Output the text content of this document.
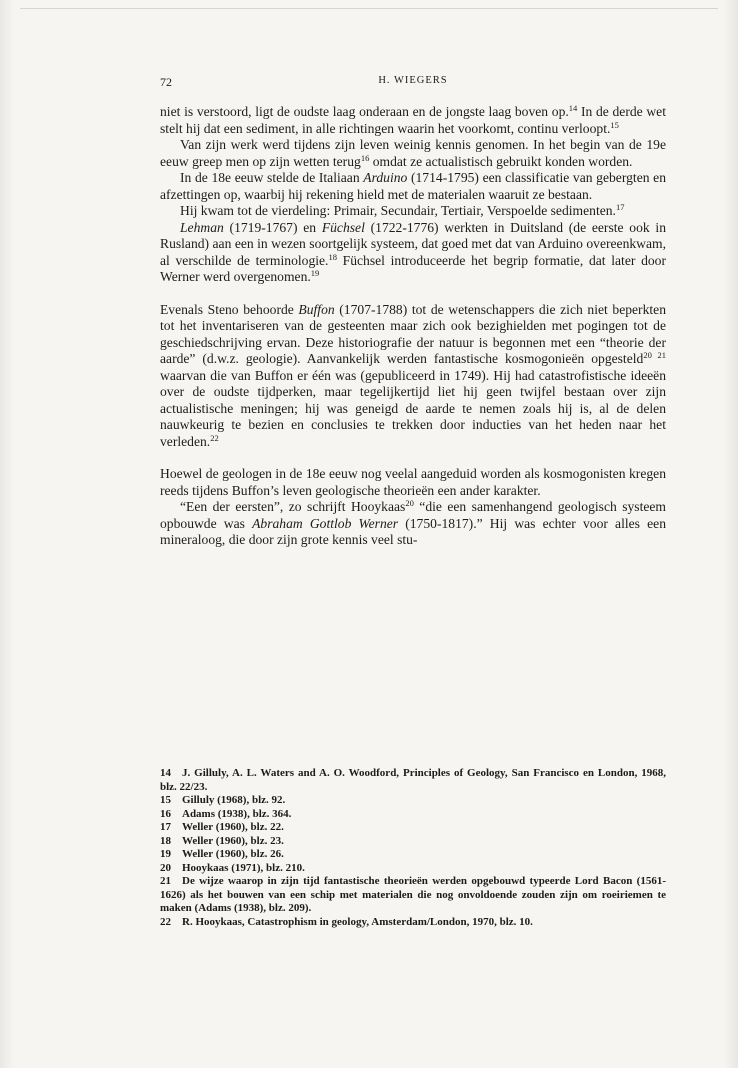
72	H. WIEGERS

niet is verstoord, ligt de oudste laag onderaan en de jongste laag boven op.$^{14}$ In de derde wet stelt hij dat een sediment, in alle richtingen waarin het voorkomt, continu verloopt.$^{15}$

Van zijn werk werd tijdens zijn leven weinig kennis genomen. In het begin van de 19e eeuw greep men op zijn wetten terug$^{16}$ omdat ze actualistisch gebruikt konden worden.

In de 18e eeuw stelde de Italiaan Arduino (1714-1795) een classificatie van gebergten en afzettingen op, waarbij hij rekening hield met de materialen waaruit ze bestaan.

Hij kwam tot de vierdeling: Primair, Secundair, Tertiair, Verspoelde sedimenten.$^{17}$

Lehman (1719-1767) en Füchsel (1722-1776) werkten in Duitsland (de eerste ook in Rusland) aan een in wezen soortgelijk systeem, dat goed met dat van Arduino overeenkwam, al verschilde de terminologie.$^{18}$ Füchsel introduceerde het begrip formatie, dat later door Werner werd overgenomen.$^{19}$

Evenals Steno behoorde Buffon (1707-1788) tot de wetenschappers die zich niet beperkten tot het inventariseren van de gesteenten maar zich ook bezighielden met pogingen tot de geschiedschrijving ervan. Deze historiografie der natuur is begonnen met een “theorie der aarde” (d.w.z. geologie). Aanvankelijk werden fantastische kosmogonieën opgesteld$^{20 21}$ waarvan die van Buffon er één was (gepubliceerd in 1749). Hij had catastrofistische ideeën over de oudste tijdperken, maar tegelijkertijd liet hij geen twijfel bestaan over zijn actualistische meningen; hij was geneigd de aarde te nemen zoals hij is, al de delen nauwkeurig te bezien en conclusies te trekken door inducties van het heden naar het verleden.$^{22}$

Hoewel de geologen in de 18e eeuw nog veelal aangeduid worden als kosmogonisten kregen reeds tijdens Buffon’s leven geologische theorieën een ander karakter.

“Een der eersten”, zo schrijft Hooykaas$^{20}$ “die een samenhangend geologisch systeem opbouwde was Abraham Gottlob Werner (1750-1817).” Hij was echter voor alles een mineraloog, die door zijn grote kennis veel stu-

14 J. Gilluly, A. L. Waters and A. O. Woodford, Principles of Geology, San Francisco en London, 1968, blz. 22/23.

15 Gilluly (1968), blz. 92.

16 Adams (1938), blz. 364.

17 Weller (1960), blz. 22.

18 Weller (1960), blz. 23.

19 Weller (1960), blz. 26.

20 Hooykaas (1971), blz. 210.

21 De wijze waarop in zijn tijd fantastische theorieën werden opgebouwd typeerde Lord Bacon (1561-1626) als het bouwen van een schip met materialen die nog onvoldoende zouden zijn om roeiriemen te maken (Adams (1938), blz. 209).

22 R. Hooykaas, Catastrophism in geology, Amsterdam/London, 1970, blz. 10.
